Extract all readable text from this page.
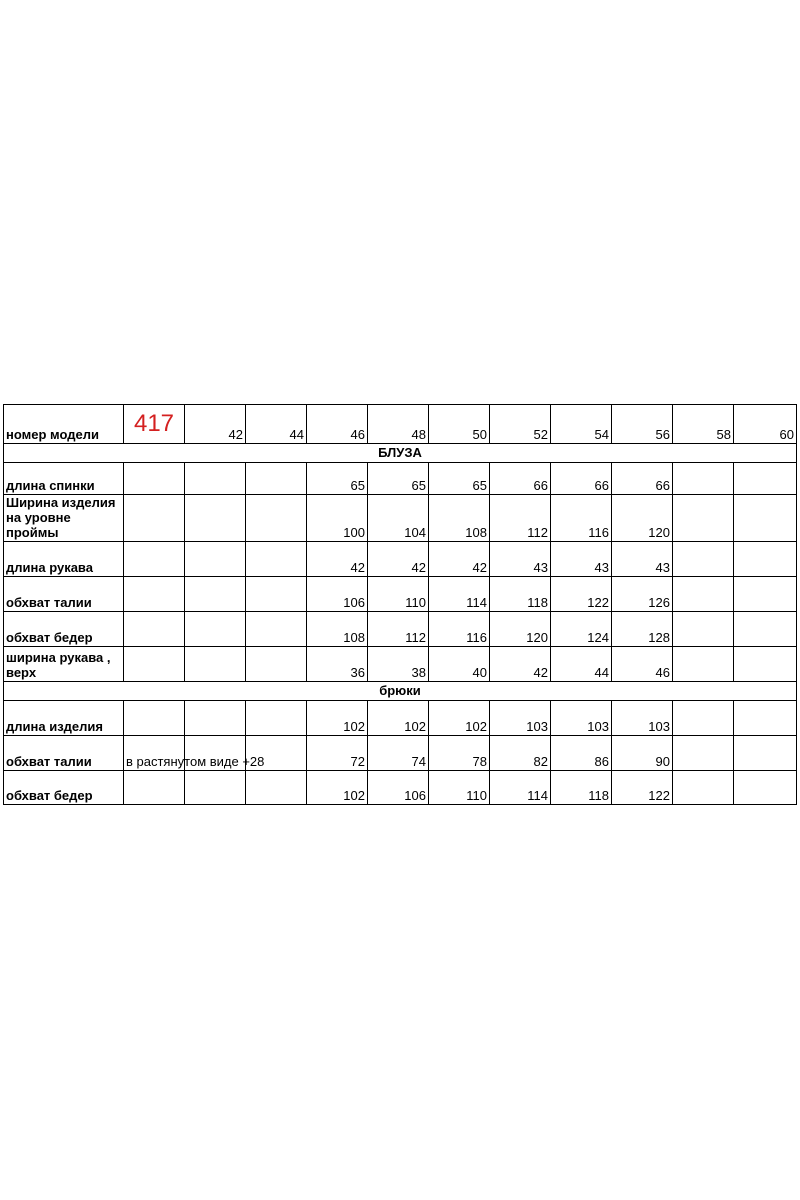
номер модели	417	42	44	46	48	50	52	54	56	58	60
БЛУЗА											
длина спинки				65	65	65	66	66	66		
Ширина изделия на уровне проймы				100	104	108	112	116	120		
длина рукава				42	42	42	43	43	43		
обхват талии				106	110	114	118	122	126		
обхват бедер				108	112	116	120	124	128		
ширина рукава , верх				36	38	40	42	44	46		
брюки											
длина изделия				102	102	102	103	103	103		
обхват талии	в растянутом виде +28			72	74	78	82	86	90		
обхват бедер				102	106	110	114	118	122		
